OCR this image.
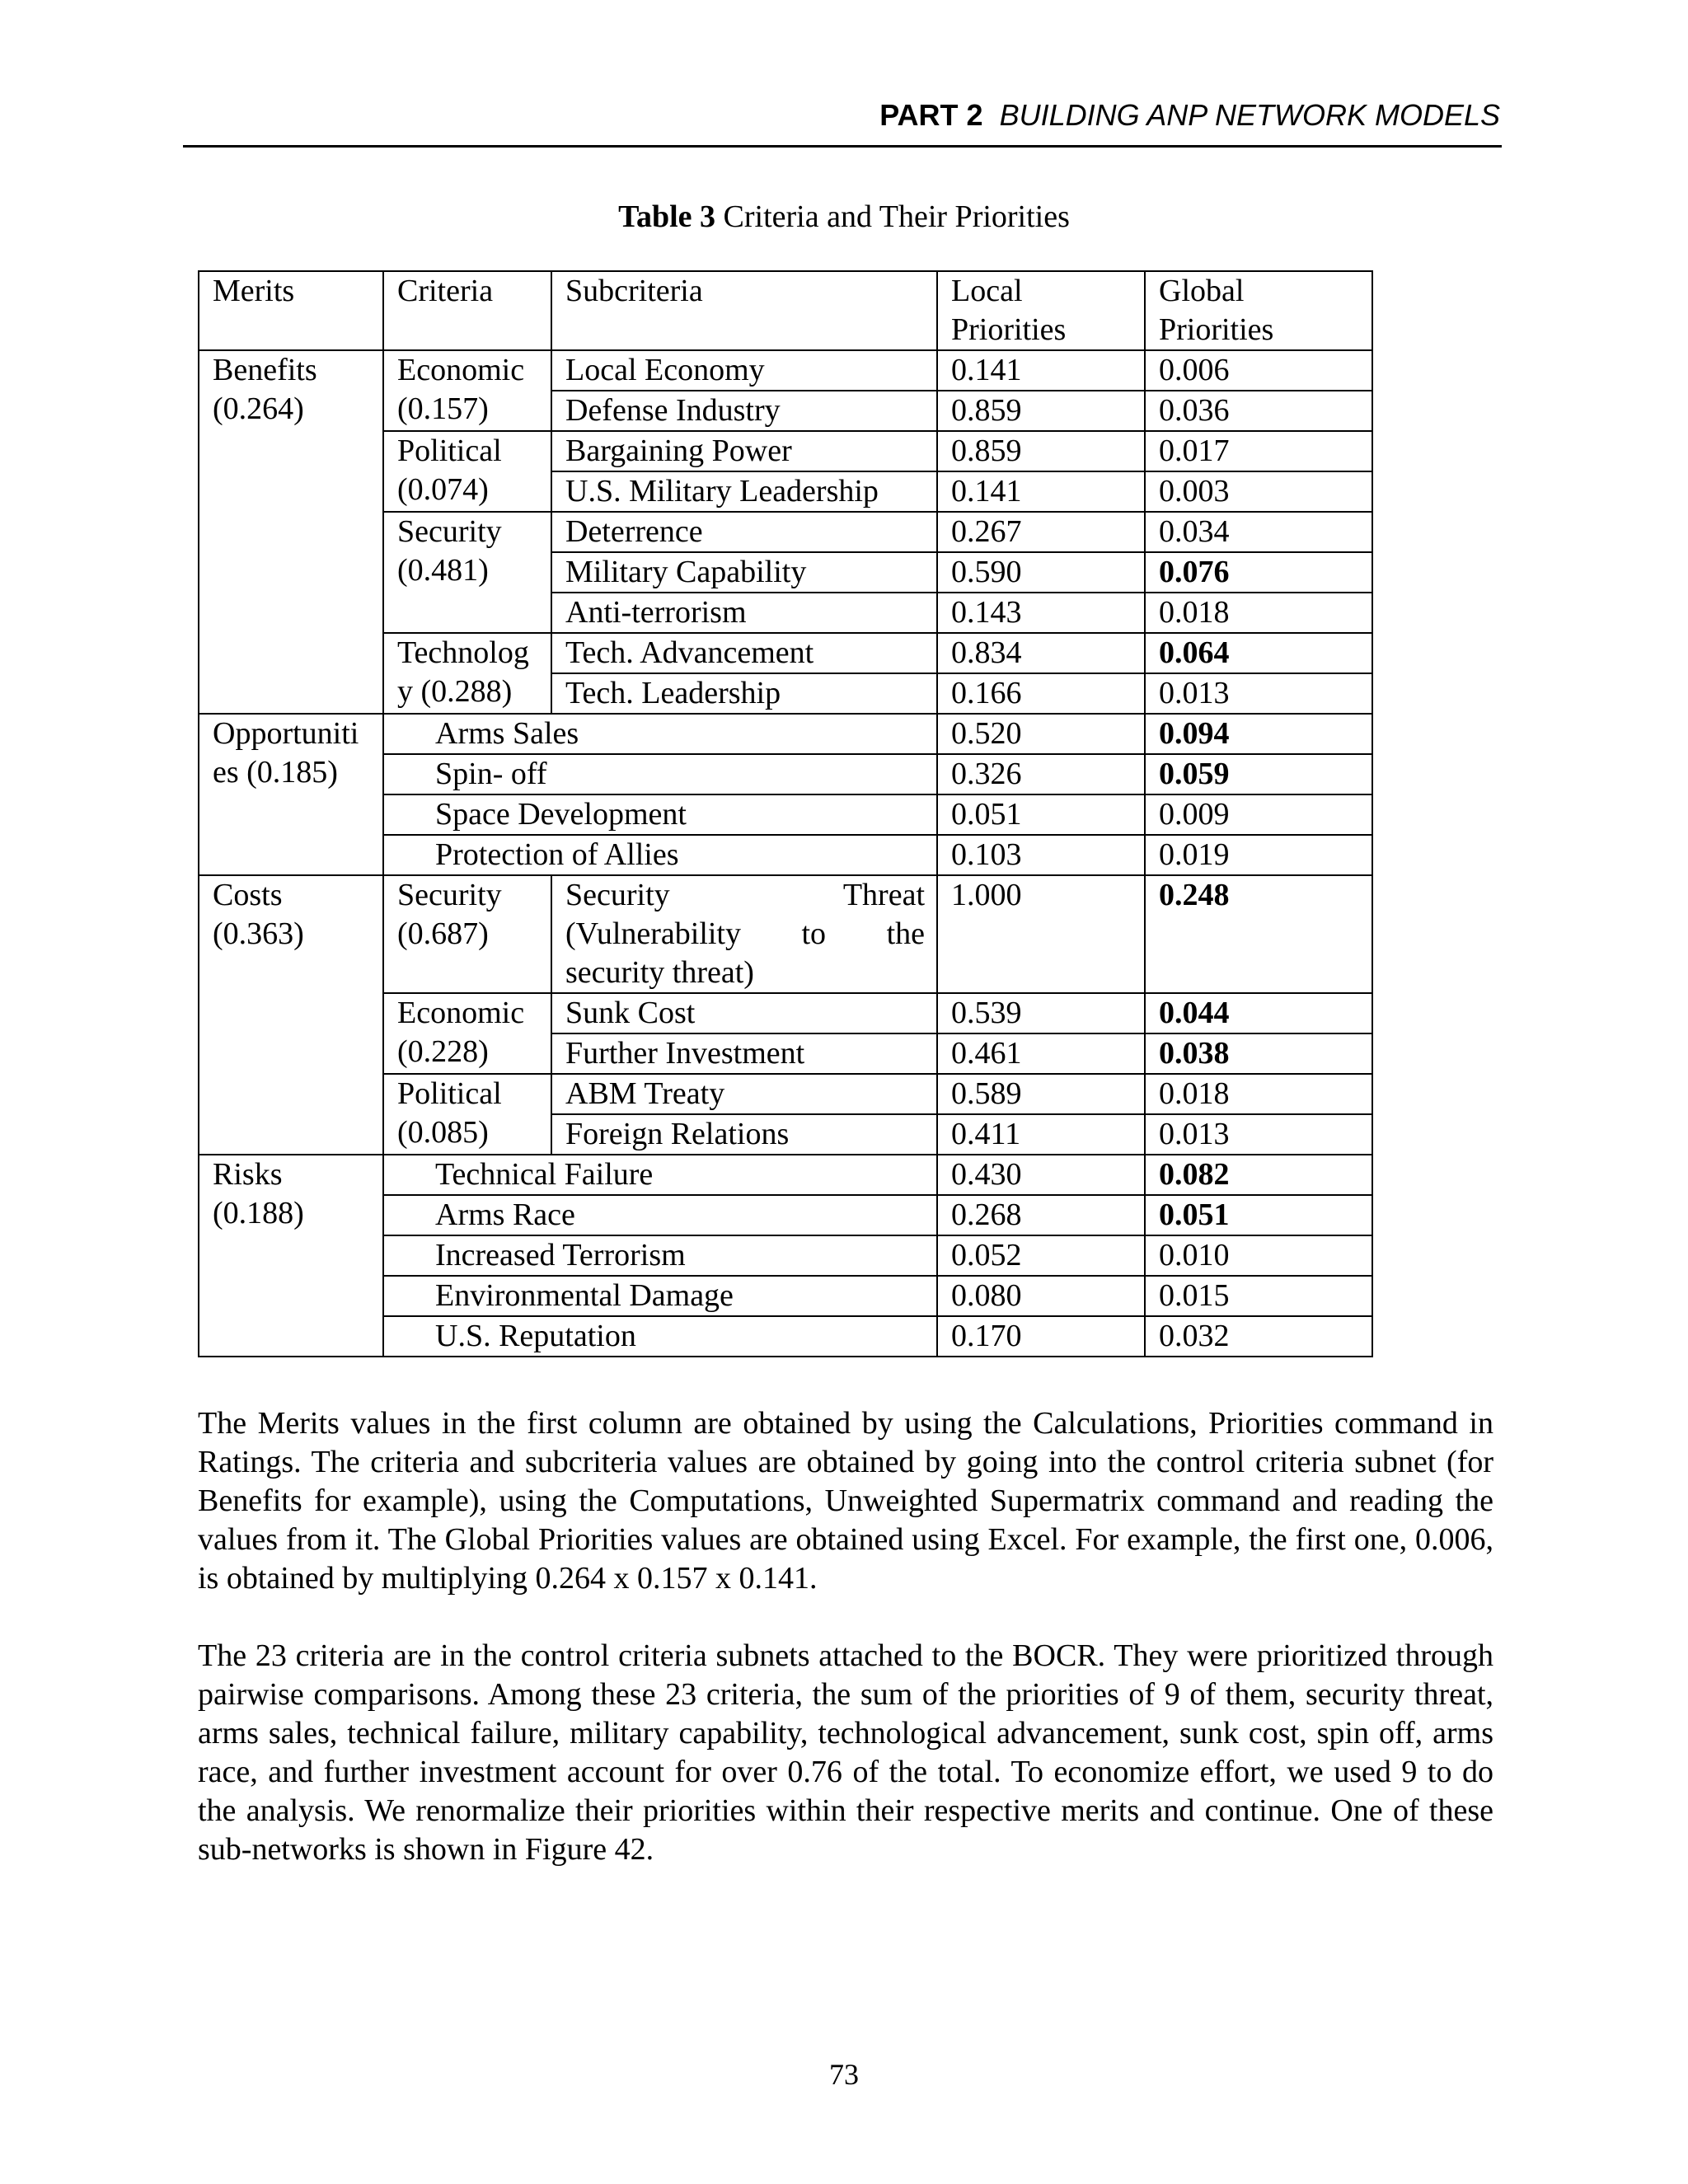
PART 2 BUILDING ANP NETWORK MODELS
Table 3 Criteria and Their Priorities
Merits	Criteria	Subcriteria	Local Priorities	Global Priorities
Benefits (0.264)	Economic (0.157)	Local Economy	0.141	0.006
		Defense Industry	0.859	0.036
	Political (0.074)	Bargaining Power	0.859	0.017
		U.S. Military Leadership	0.141	0.003
	Security (0.481)	Deterrence	0.267	0.034
		Military Capability	0.590	0.076
		Anti-terrorism	0.143	0.018
	Technology (0.288)	Tech. Advancement	0.834	0.064
		Tech. Leadership	0.166	0.013
Opportunities (0.185)	Arms Sales		0.520	0.094
	Spin- off		0.326	0.059
	Space Development		0.051	0.009
	Protection of Allies		0.103	0.019
Costs (0.363)	Security (0.687)	Security Threat (Vulnerability to the security threat)	1.000	0.248
	Economic (0.228)	Sunk Cost	0.539	0.044
		Further Investment	0.461	0.038
	Political (0.085)	ABM Treaty	0.589	0.018
		Foreign Relations	0.411	0.013
Risks (0.188)	Technical Failure		0.430	0.082
	Arms Race		0.268	0.051
	Increased Terrorism		0.052	0.010
	Environmental Damage		0.080	0.015
	U.S. Reputation		0.170	0.032

The Merits values in the first column are obtained by using the Calculations, Priorities command in Ratings. The criteria and subcriteria values are obtained by going into the control criteria subnet (for Benefits for example), using the Computations, Unweighted Supermatrix command and reading the values from it. The Global Priorities values are obtained using Excel. For example, the first one, 0.006, is obtained by multiplying 0.264 x 0.157 x 0.141.

The 23 criteria are in the control criteria subnets attached to the BOCR. They were prioritized through pairwise comparisons. Among these 23 criteria, the sum of the priorities of 9 of them, security threat, arms sales, technical failure, military capability, technological advancement, sunk cost, spin off, arms race, and further investment account for over 0.76 of the total. To economize effort, we used 9 to do the analysis. We renormalize their priorities within their respective merits and continue. One of these sub-networks is shown in Figure 42.

73
